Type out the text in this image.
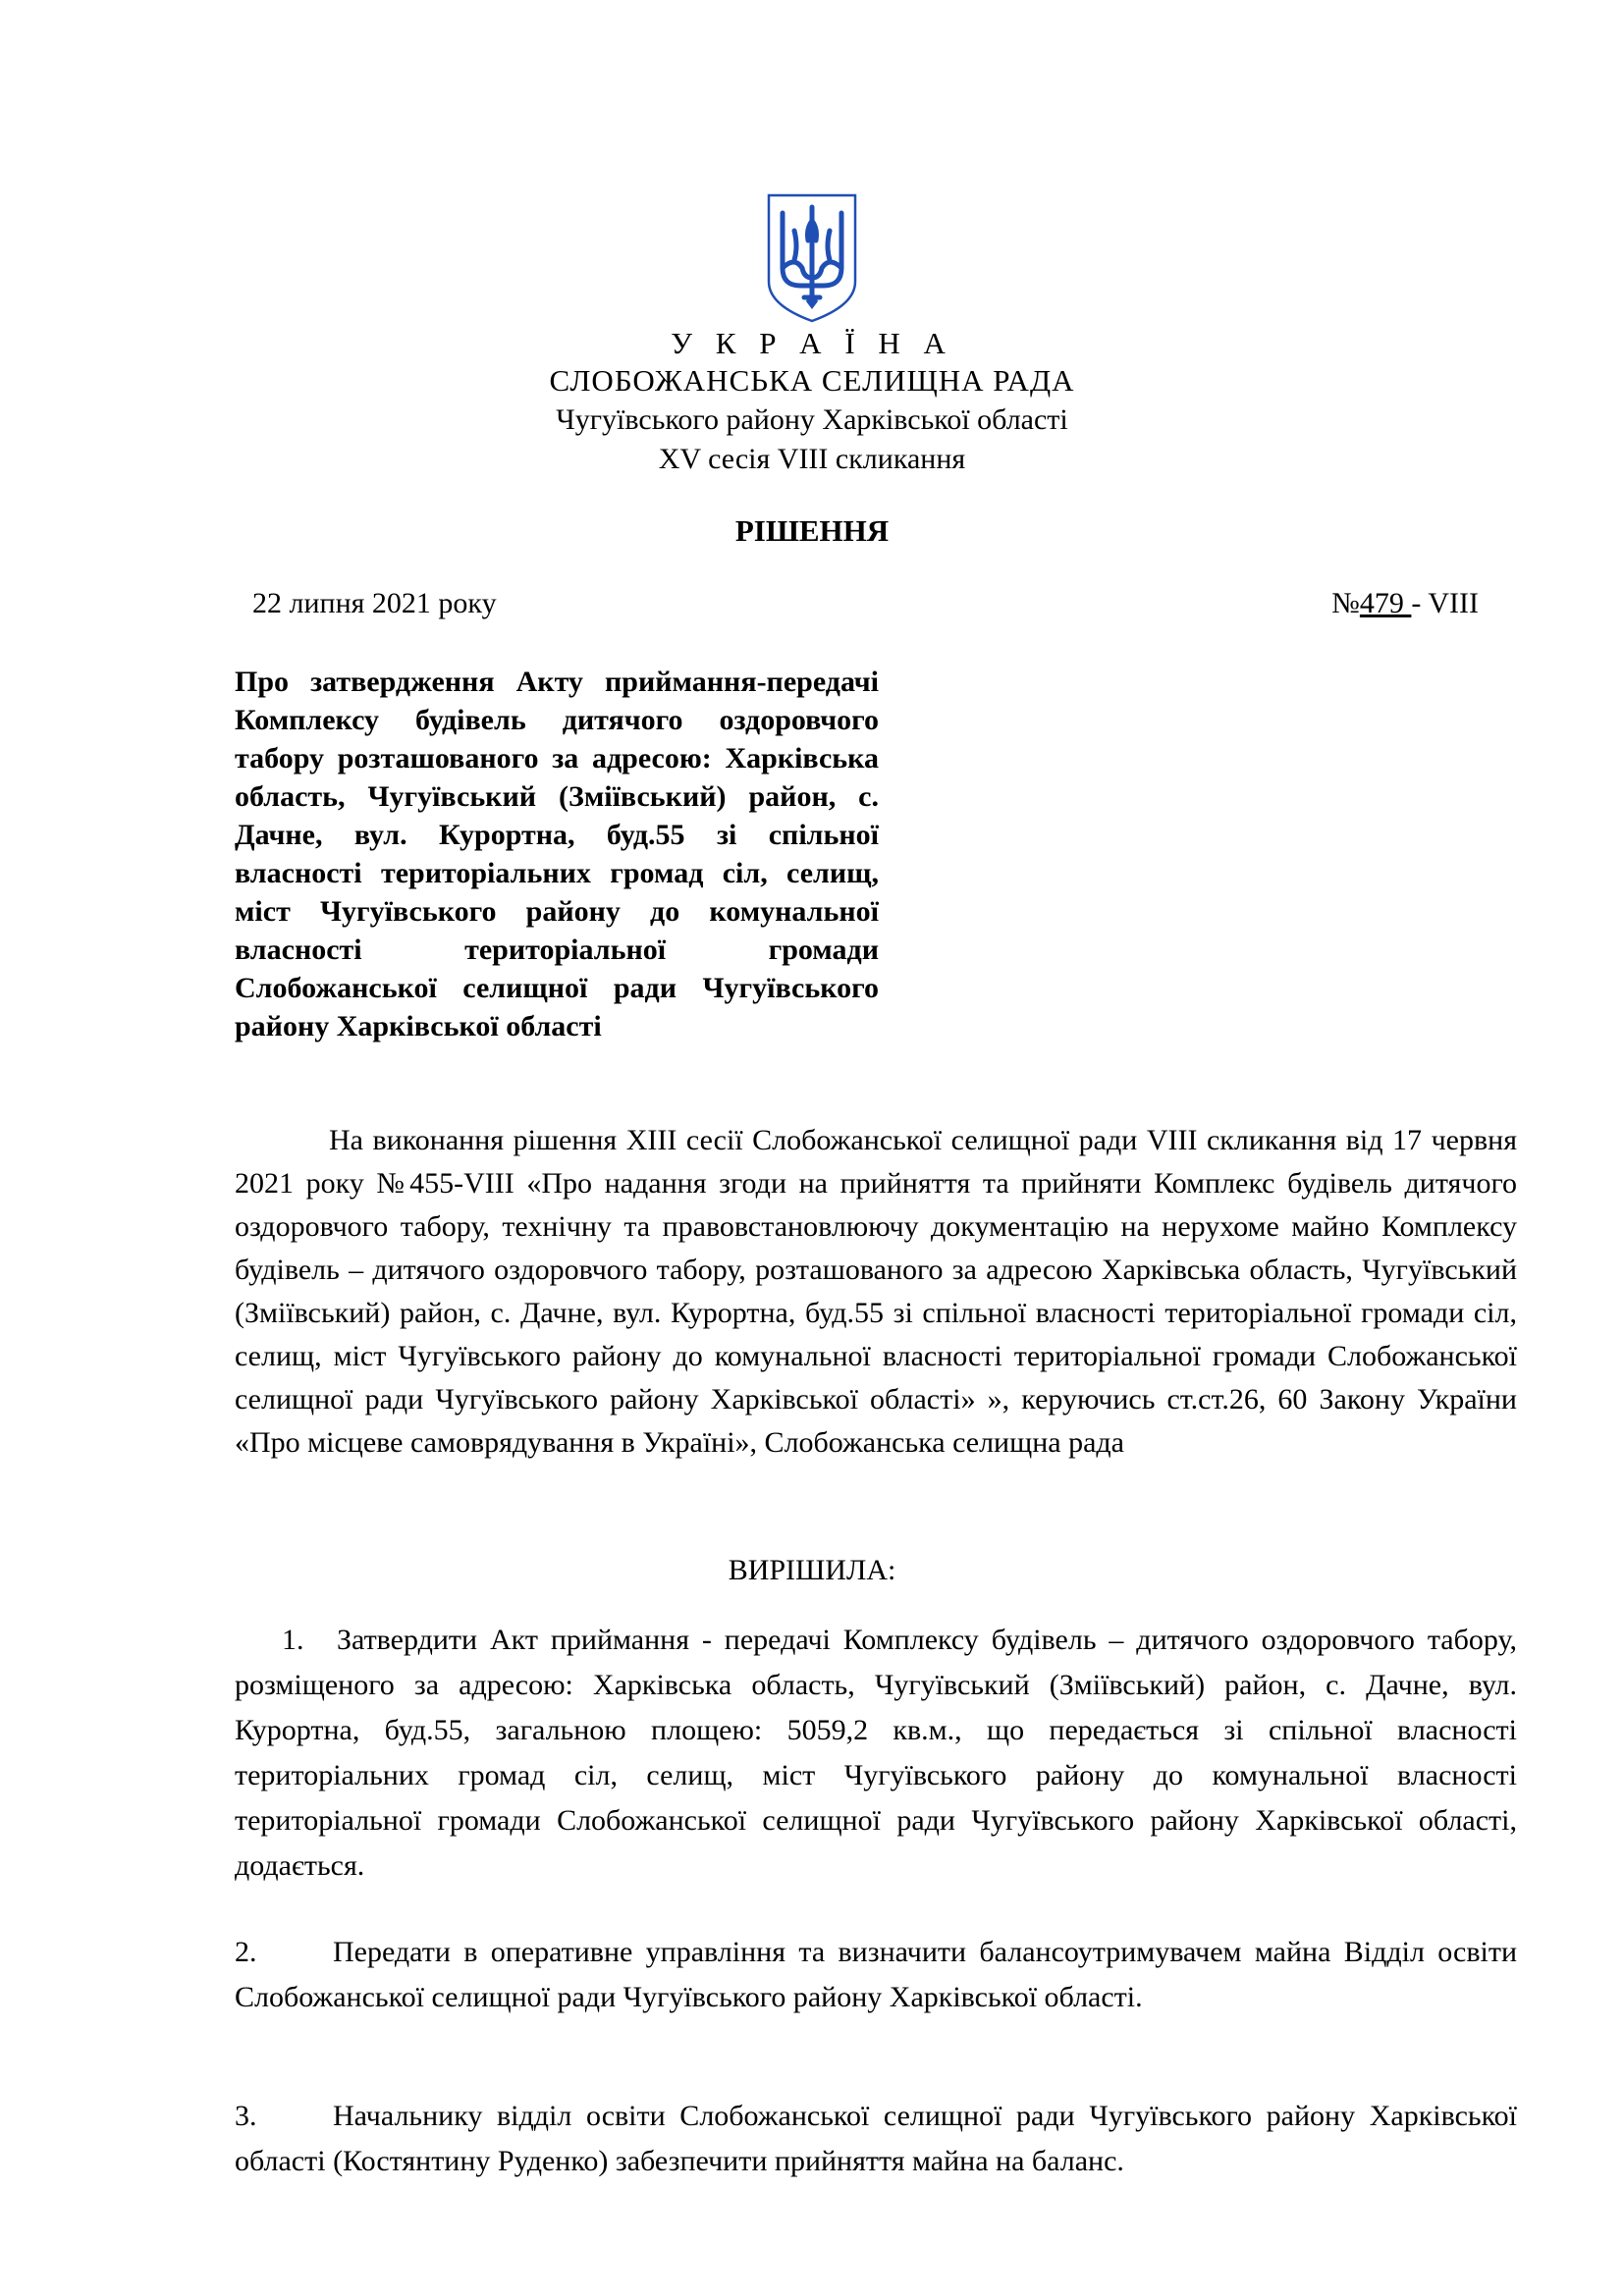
У К Р А Ї Н А
СЛОБОЖАНСЬКА СЕЛИЩНА РАДА
Чугуївського району Харківської області
XV сесія VIII скликання
РІШЕННЯ
22 липня 2021 року	№479 - VIII
Про затвердження Акту приймання-передачі Комплексу будівель дитячого оздоровчого табору розташованого за адресою: Харківська область, Чугуївський (Зміївський) район, с. Дачне, вул. Курортна, буд.55 зі спільної власності територіальних громад сіл, селищ, міст Чугуївського району до комунальної власності територіальної громади Слобожанської селищної ради Чугуївського району Харківської області
На виконання рішення XIII сесії Слобожанської селищної ради VIII скликання від 17 червня 2021 року №455-VIII «Про надання згоди на прийняття та прийняти Комплекс будівель дитячого оздоровчого табору, технічну та правовстановлюючу документацію на нерухоме майно Комплексу будівель – дитячого оздоровчого табору, розташованого за адресою Харківська область, Чугуївський (Зміївський) район, с. Дачне, вул. Курортна, буд.55 зі спільної власності територіальної громади сіл, селищ, міст Чугуївського району до комунальної власності територіальної громади Слобожанської селищної ради Чугуївського району Харківської області» », керуючись ст.ст.26, 60 Закону України «Про місцеве самоврядування в Україні», Слобожанська селищна рада
ВИРІШИЛА:
1. Затвердити Акт приймання - передачі Комплексу будівель – дитячого оздоровчого табору, розміщеного за адресою: Харківська область, Чугуївський (Зміївський) район, с. Дачне, вул. Курортна, буд.55, загальною площею: 5059,2 кв.м., що передається зі спільної власності територіальних громад сіл, селищ, міст Чугуївського району до комунальної власності територіальної громади Слобожанської селищної ради Чугуївського району Харківської області, додається.
2.	Передати в оперативне управління та визначити балансоутримувачем майна Відділ освіти Слобожанської селищної ради Чугуївського району Харківської області.
3.	Начальнику відділ освіти Слобожанської селищної ради Чугуївського району Харківської області (Костянтину Руденко) забезпечити прийняття майна на баланс.
